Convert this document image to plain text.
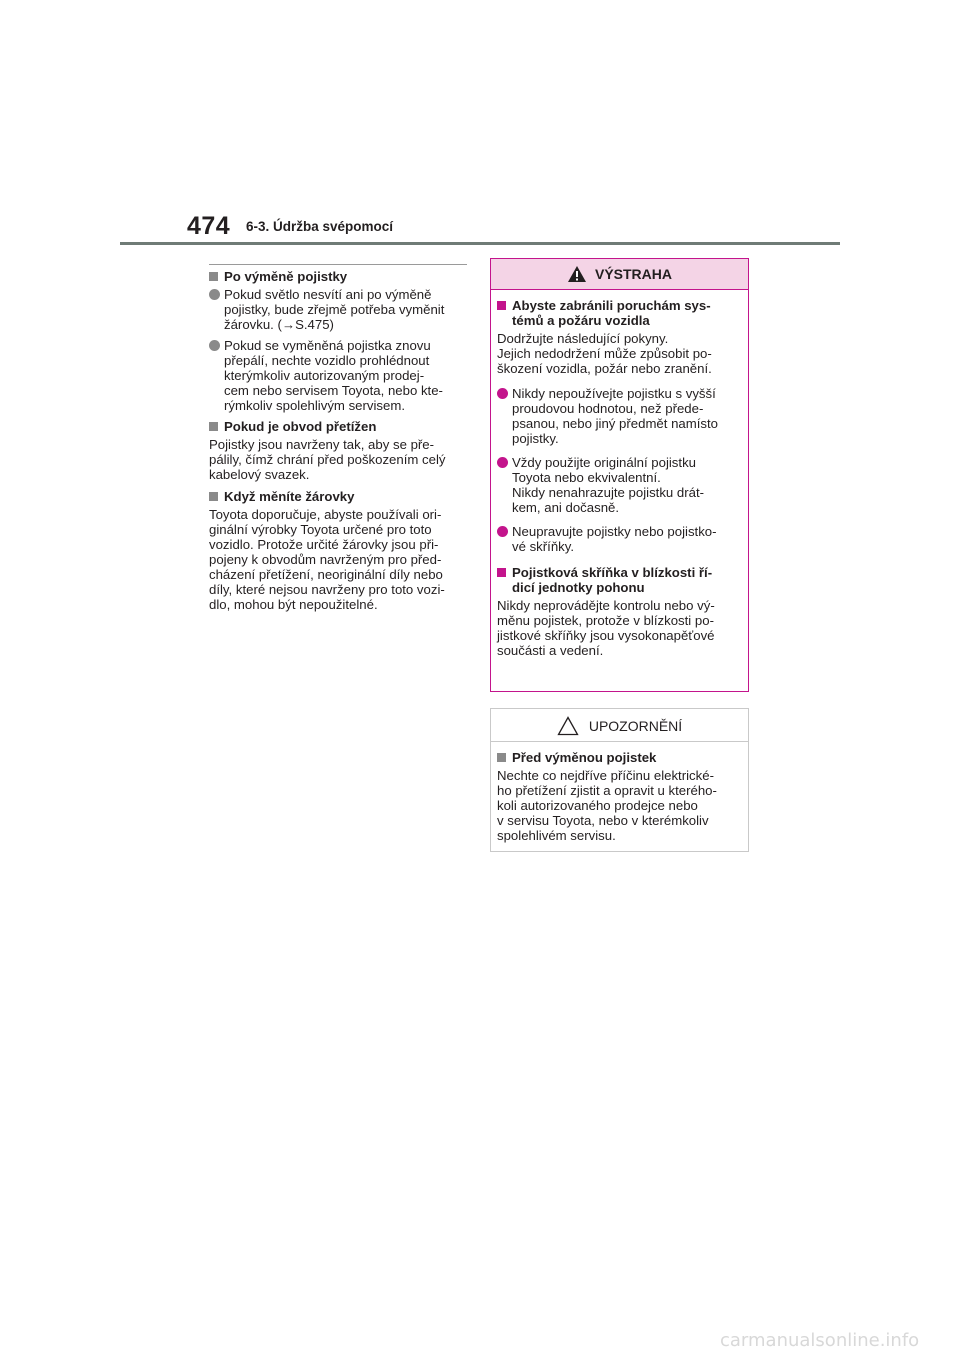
474 6-3. Údržba svépomocí
Po výměně pojistky
Pokud světlo nesvítí ani po výměně
pojistky, bude zřejmě potřeba vyměnit
žárovku. (→S.475)
Pokud se vyměněná pojistka znovu
přepálí, nechte vozidlo prohlédnout
kterýmkoliv autorizovaným prodej-
cem nebo servisem Toyota, nebo kte-
rýmkoliv spolehlivým servisem.
Pokud je obvod přetížen
Pojistky jsou navrženy tak, aby se pře-
pálily, čímž chrání před poškozením celý
kabelový svazek.
Když měníte žárovky
Toyota doporučuje, abyste používali ori-
ginální výrobky Toyota určené pro toto
vozidlo. Protože určité žárovky jsou při-
pojeny k obvodům navrženým pro před-
cházení přetížení, neoriginální díly nebo
díly, které nejsou navrženy pro toto vozi-
dlo, mohou být nepoužitelné.
VÝSTRAHA
Abyste zabránili poruchám sys-
témů a požáru vozidla
Dodržujte následující pokyny.
Jejich nedodržení může způsobit po-
škození vozidla, požár nebo zranění.
Nikdy nepoužívejte pojistku s vyšší
proudovou hodnotou, než přede-
psanou, nebo jiný předmět namísto
pojistky.
Vždy použijte originální pojistku
Toyota nebo ekvivalentní.
Nikdy nenahrazujte pojistku drát-
kem, ani dočasně.
Neupravujte pojistky nebo pojistko-
vé skříňky.
Pojistková skříňka v blízkosti ří-
dicí jednotky pohonu
Nikdy neprovádějte kontrolu nebo vý-
měnu pojistek, protože v blízkosti po-
jistkové skříňky jsou vysokonapěťové
součásti a vedení.
UPOZORNĚNÍ
Před výměnou pojistek
Nechte co nejdříve příčinu elektrické-
ho přetížení zjistit a opravit u kterého-
koli autorizovaného prodejce nebo
v servisu Toyota, nebo v kterémkoliv
spolehlivém servisu.
carmanualsonline.info
